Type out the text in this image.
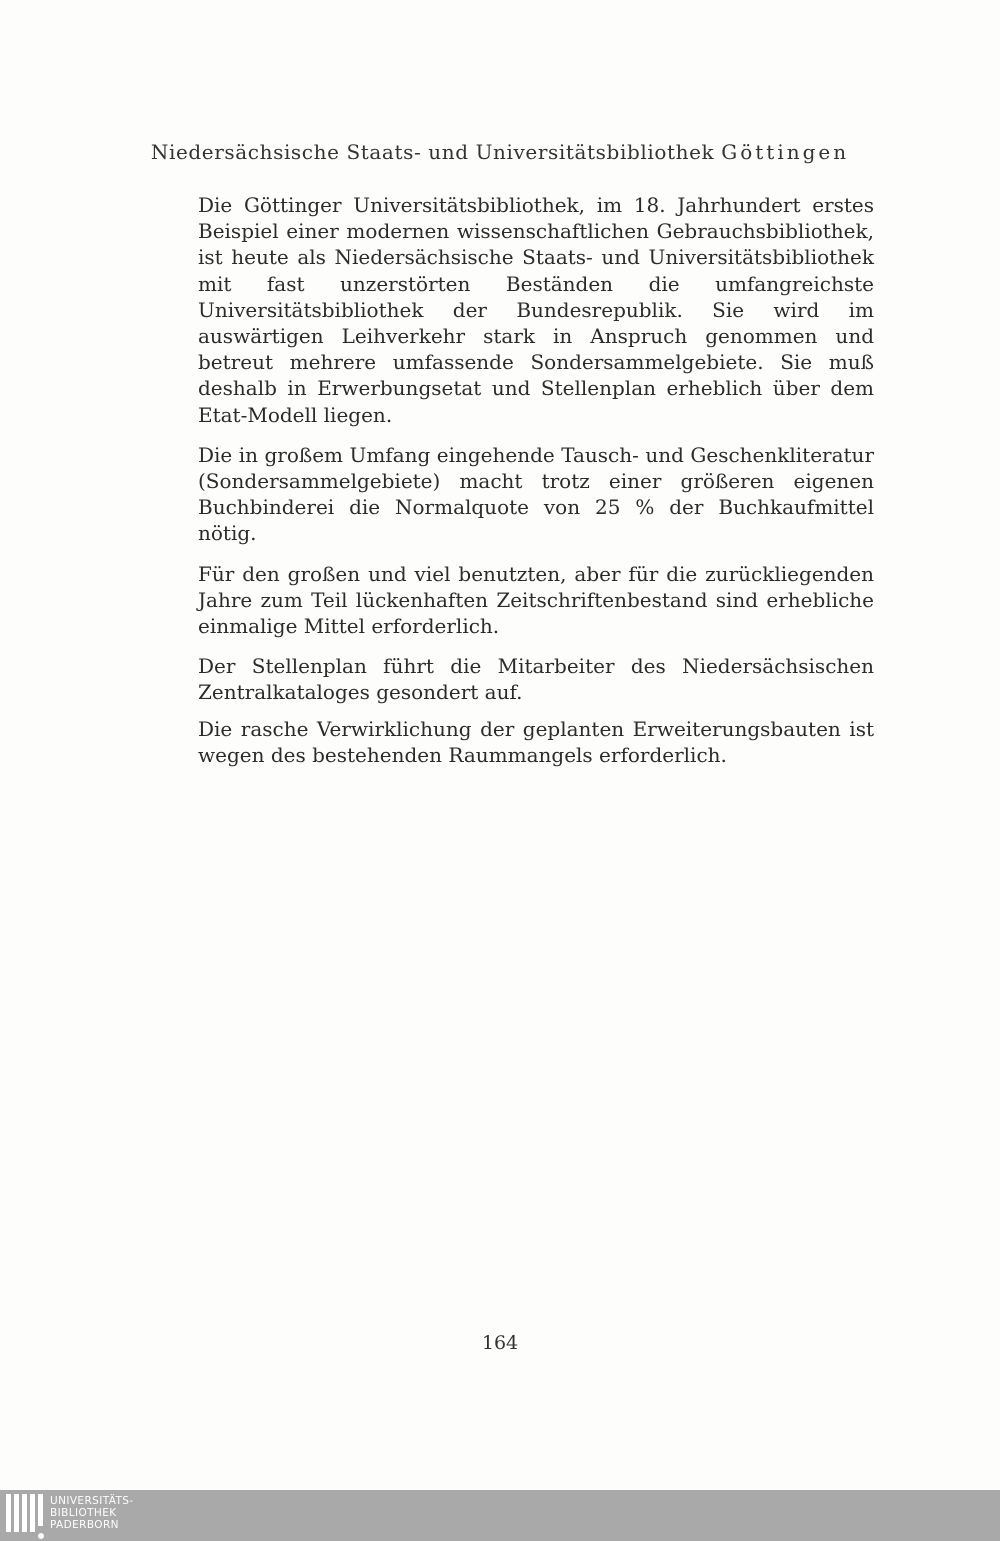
Niedersächsische Staats- und Universitätsbibliothek Göttingen

Die Göttinger Universitätsbibliothek, im 18. Jahrhundert erstes Beispiel einer modernen wissenschaftlichen Gebrauchsbibliothek, ist heute als Niedersächsische Staats- und Universitätsbibliothek mit fast unzerstörten Beständen die umfangreichste Universitätsbibliothek der Bundesrepublik. Sie wird im auswärtigen Leihverkehr stark in Anspruch genommen und betreut mehrere umfassende Sondersammelgebiete. Sie muß deshalb in Erwerbungsetat und Stellenplan erheblich über dem Etat-Modell liegen.

Die in großem Umfang eingehende Tausch- und Geschenkliteratur (Sondersammelgebiete) macht trotz einer größeren eigenen Buchbinderei die Normalquote von 25 % der Buchkaufmittel nötig.

Für den großen und viel benutzten, aber für die zurückliegenden Jahre zum Teil lückenhaften Zeitschriftenbestand sind erhebliche einmalige Mittel erforderlich.

Der Stellenplan führt die Mitarbeiter des Niedersächsischen Zentralkataloges gesondert auf.

Die rasche Verwirklichung der geplanten Erweiterungsbauten ist wegen des bestehenden Raummangels erforderlich.

164
UNIVERSITÄTS-
BIBLIOTHEK
PADERBORN
